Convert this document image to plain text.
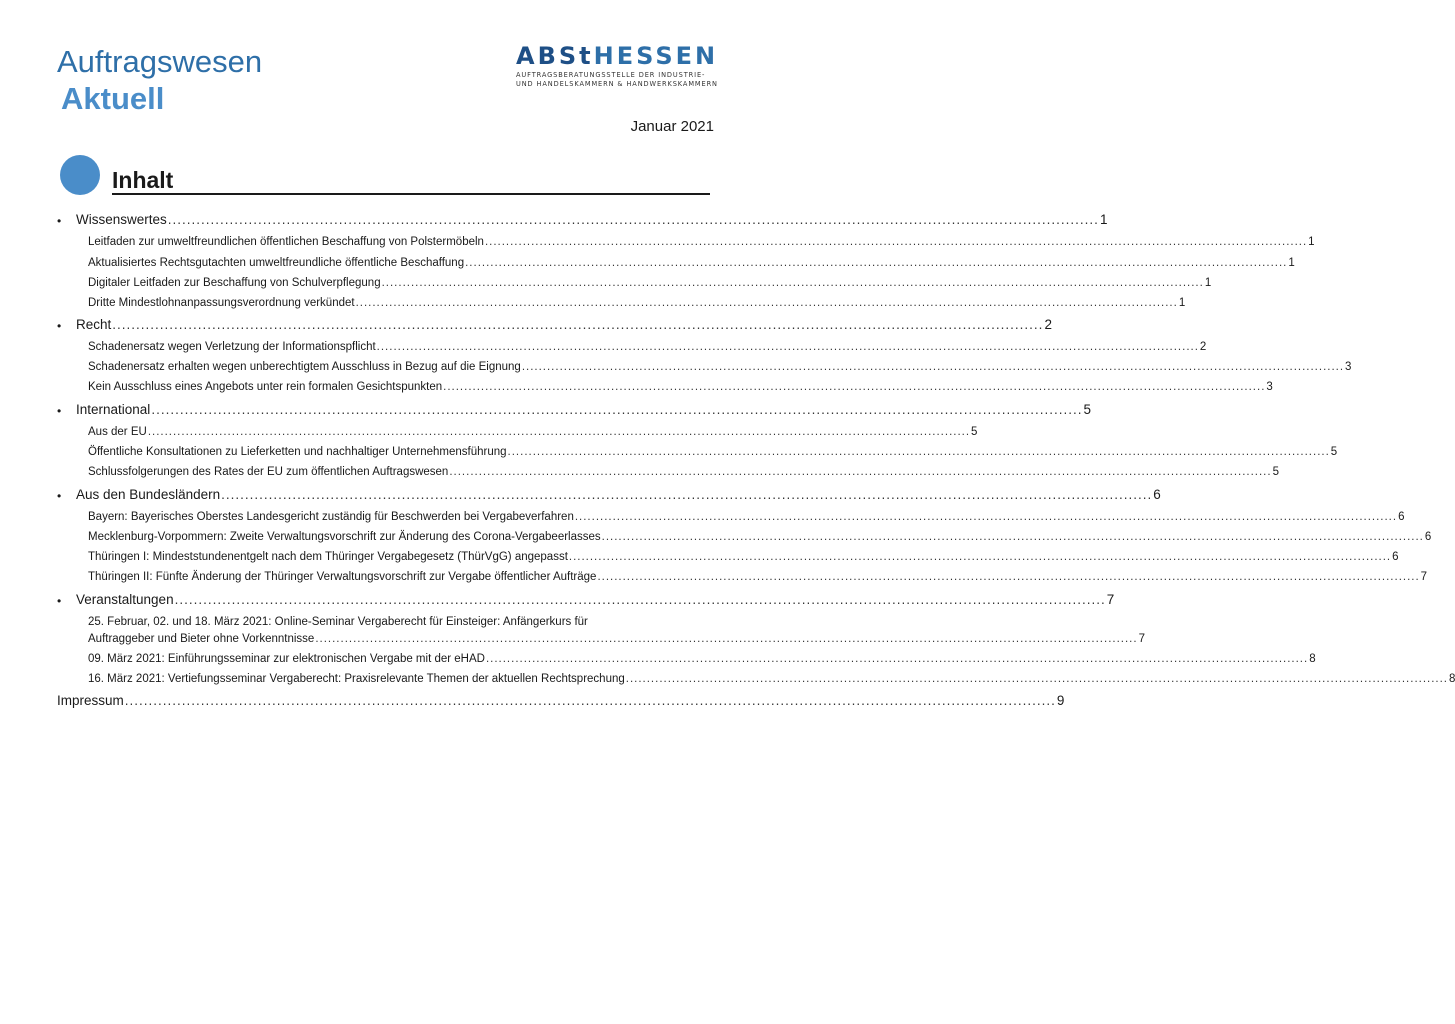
Auftragswesen
Aktuell
ABStHESSEN
AUFTRAGSBERATUNGSSTELLE DER INDUSTRIE-
UND HANDELSKAMMERN & HANDWERKSKAMMERN
Januar 2021
Inhalt
• Wissenswertes .................................................................................................................................................................................................... 1
Leitfaden zur umweltfreundlichen öffentlichen Beschaffung von Polstermöbeln .................................................................................................................................................................................................... 1
Aktualisiertes Rechtsgutachten umweltfreundliche öffentliche Beschaffung .................................................................................................................................................................................................... 1
Digitaler Leitfaden zur Beschaffung von Schulverpflegung .................................................................................................................................................................................................... 1
Dritte Mindestlohnanpassungsverordnung verkündet .................................................................................................................................................................................................... 1
• Recht .................................................................................................................................................................................................... 2
Schadenersatz wegen Verletzung der Informationspflicht .................................................................................................................................................................................................... 2
Schadenersatz erhalten wegen unberechtigtem Ausschluss in Bezug auf die Eignung .................................................................................................................................................................................................... 3
Kein Ausschluss eines Angebots unter rein formalen Gesichtspunkten .................................................................................................................................................................................................... 3
• International .................................................................................................................................................................................................... 5
Aus der EU .................................................................................................................................................................................................... 5
Öffentliche Konsultationen zu Lieferketten und nachhaltiger Unternehmensführung .................................................................................................................................................................................................... 5
Schlussfolgerungen des Rates der EU zum öffentlichen Auftragswesen .................................................................................................................................................................................................... 5
• Aus den Bundesländern .................................................................................................................................................................................................... 6
Bayern: Bayerisches Oberstes Landesgericht zuständig für Beschwerden bei Vergabeverfahren .................................................................................................................................................................................................... 6
Mecklenburg-Vorpommern: Zweite Verwaltungsvorschrift zur Änderung des Corona-Vergabeerlasses .................................................................................................................................................................................................... 6
Thüringen I: Mindeststundenentgelt nach dem Thüringer Vergabegesetz (ThürVgG) angepasst .................................................................................................................................................................................................... 6
Thüringen II: Fünfte Änderung der Thüringer Verwaltungsvorschrift zur Vergabe öffentlicher Aufträge .................................................................................................................................................................................................... 7
• Veranstaltungen .................................................................................................................................................................................................... 7
25. Februar, 02. und 18. März 2021: Online-Seminar Vergaberecht für Einsteiger: Anfängerkurs für
Auftraggeber und Bieter ohne Vorkenntnisse .................................................................................................................................................................................................... 7
09. März 2021: Einführungsseminar zur elektronischen Vergabe mit der eHAD .................................................................................................................................................................................................... 8
16. März 2021: Vertiefungsseminar Vergaberecht: Praxisrelevante Themen der aktuellen Rechtsprechung .................................................................................................................................................................................................... 8
Impressum .................................................................................................................................................................................................... 9
